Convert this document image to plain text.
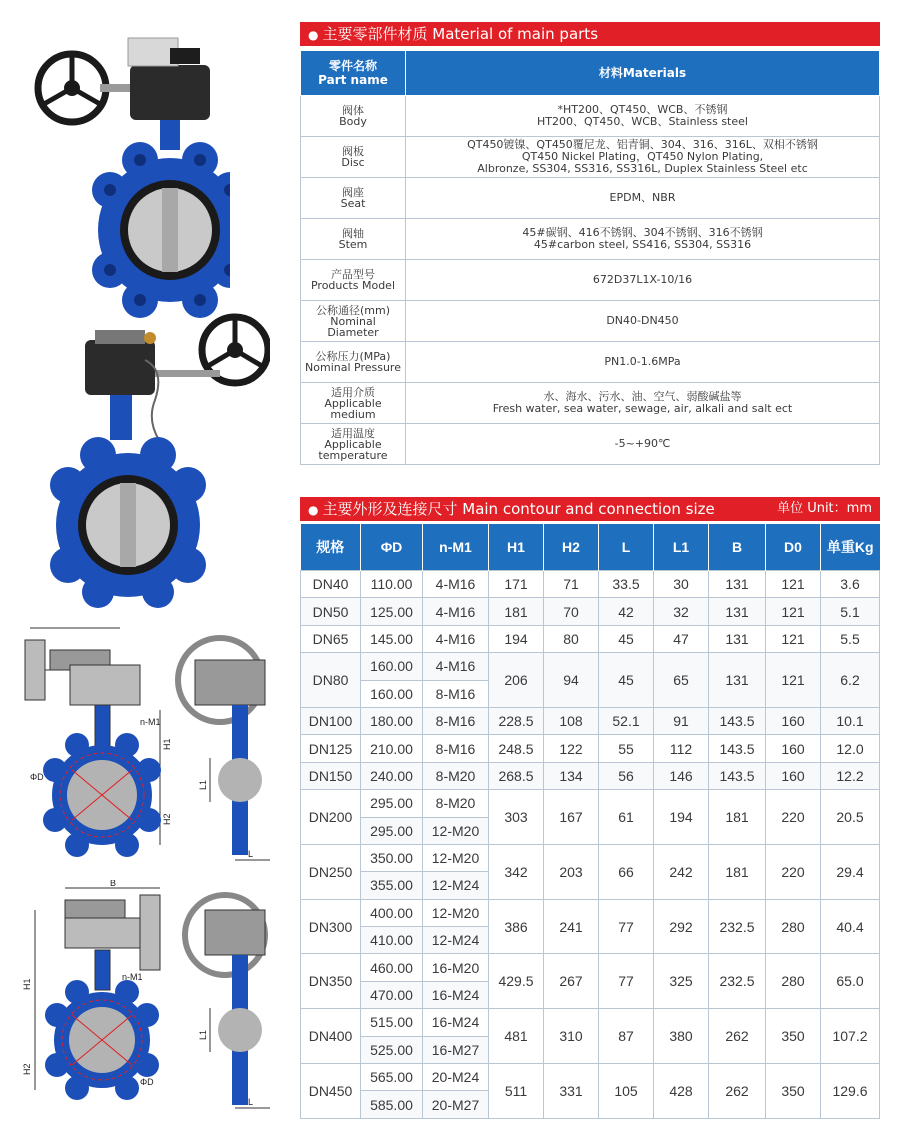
n-M1
ΦD
H1
H2
L1
L
n-M1
ΦD
H1
H2
L1
L
B
● 主要零部件材质 Material of main parts
零件名称
Part name	材料Materials

阀体
Body	*HT200、QT450、WCB、不锈钢
HT200、QT450、WCB、Stainless steel

阀板
Disc	QT450镀镍、QT450覆尼龙、铝青铜、304、316、316L、双相不锈钢
QT450 Nickel Plating，QT450 Nylon Plating,
Albronze, SS304, SS316, SS316L, Duplex Stainless Steel etc

阀座
Seat	EPDM、NBR

阀轴
Stem	45#碳钢、416不锈钢、304不锈钢、316不锈钢
45#carbon steel, SS416, SS304, SS316

产品型号
Products Model	672D37L1X-10/16

公称通径(mm)
Nominal Diameter	DN40-DN450

公称压力(MPa)
Nominal Pressure	PN1.0-1.6MPa

适用介质
Applicable medium	水、海水、污水、油、空气、弱酸碱盐等
Fresh water, sea water, sewage, air, alkali and salt ect

适用温度
Applicable temperature	-5~+90℃
● 主要外形及连接尺寸 Main contour and connection size	单位 Unit：mm
规格	ΦD	n-M1	H1	H2	L	L1	B	D0	单重Kg
DN40	110.00	4-M16	171	71	33.5	30	131	121	3.6
DN50	125.00	4-M16	181	70	42	32	131	121	5.1
DN65	145.00	4-M16	194	80	45	47	131	121	5.5
DN80	160.00	4-M16	206	94	45	65	131	121	6.2
	160.00	8-M16							
DN100	180.00	8-M16	228.5	108	52.1	91	143.5	160	10.1
DN125	210.00	8-M16	248.5	122	55	112	143.5	160	12.0
DN150	240.00	8-M20	268.5	134	56	146	143.5	160	12.2
DN200	295.00	8-M20	303	167	61	194	181	220	20.5
	295.00	12-M20							
DN250	350.00	12-M20	342	203	66	242	181	220	29.4
	355.00	12-M24							
DN300	400.00	12-M20	386	241	77	292	232.5	280	40.4
	410.00	12-M24							
DN350	460.00	16-M20	429.5	267	77	325	232.5	280	65.0
	470.00	16-M24							
DN400	515.00	16-M24	481	310	87	380	262	350	107.2
	525.00	16-M27							
DN450	565.00	20-M24	511	331	105	428	262	350	129.6
	585.00	20-M27							
